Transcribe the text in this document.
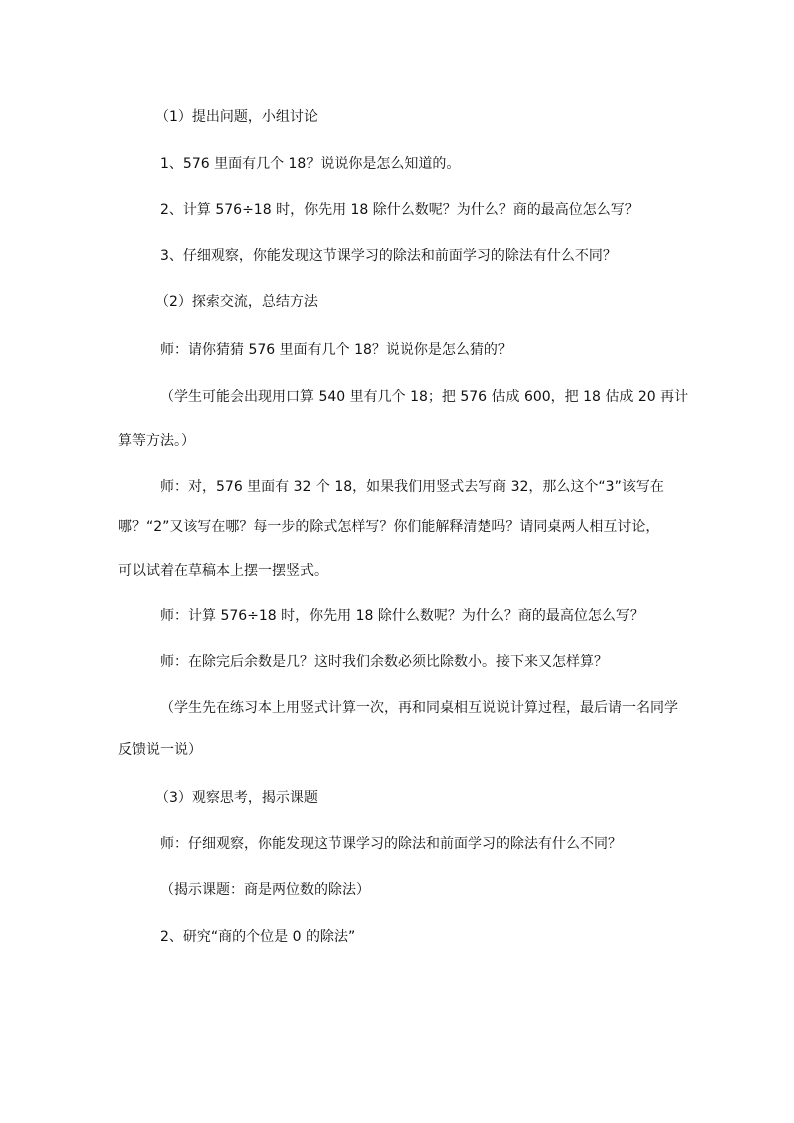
（1）提出问题，小组讨论
1、576 里面有几个 18？说说你是怎么知道的。
2、计算 576÷18 时，你先用 18 除什么数呢？为什么？商的最高位怎么写？
3、仔细观察，你能发现这节课学习的除法和前面学习的除法有什么不同？
（2）探索交流，总结方法
师：请你猜猜 576 里面有几个 18？说说你是怎么猜的？
（学生可能会出现用口算 540 里有几个 18；把 576 估成 600，把 18 估成 20 再计
算等方法。）
师：对，576 里面有 32 个 18，如果我们用竖式去写商 32，那么这个“3”该写在
哪？“2”又该写在哪？每一步的除式怎样写？你们能解释清楚吗？请同桌两人相互讨论，
可以试着在草稿本上摆一摆竖式。
师：计算 576÷18 时，你先用 18 除什么数呢？为什么？商的最高位怎么写？
师：在除完后余数是几？这时我们余数必须比除数小。接下来又怎样算？
（学生先在练习本上用竖式计算一次，再和同桌相互说说计算过程，最后请一名同学
反馈说一说）
（3）观察思考，揭示课题
师：仔细观察，你能发现这节课学习的除法和前面学习的除法有什么不同？
（揭示课题：商是两位数的除法）
2、研究“商的个位是 0 的除法”
